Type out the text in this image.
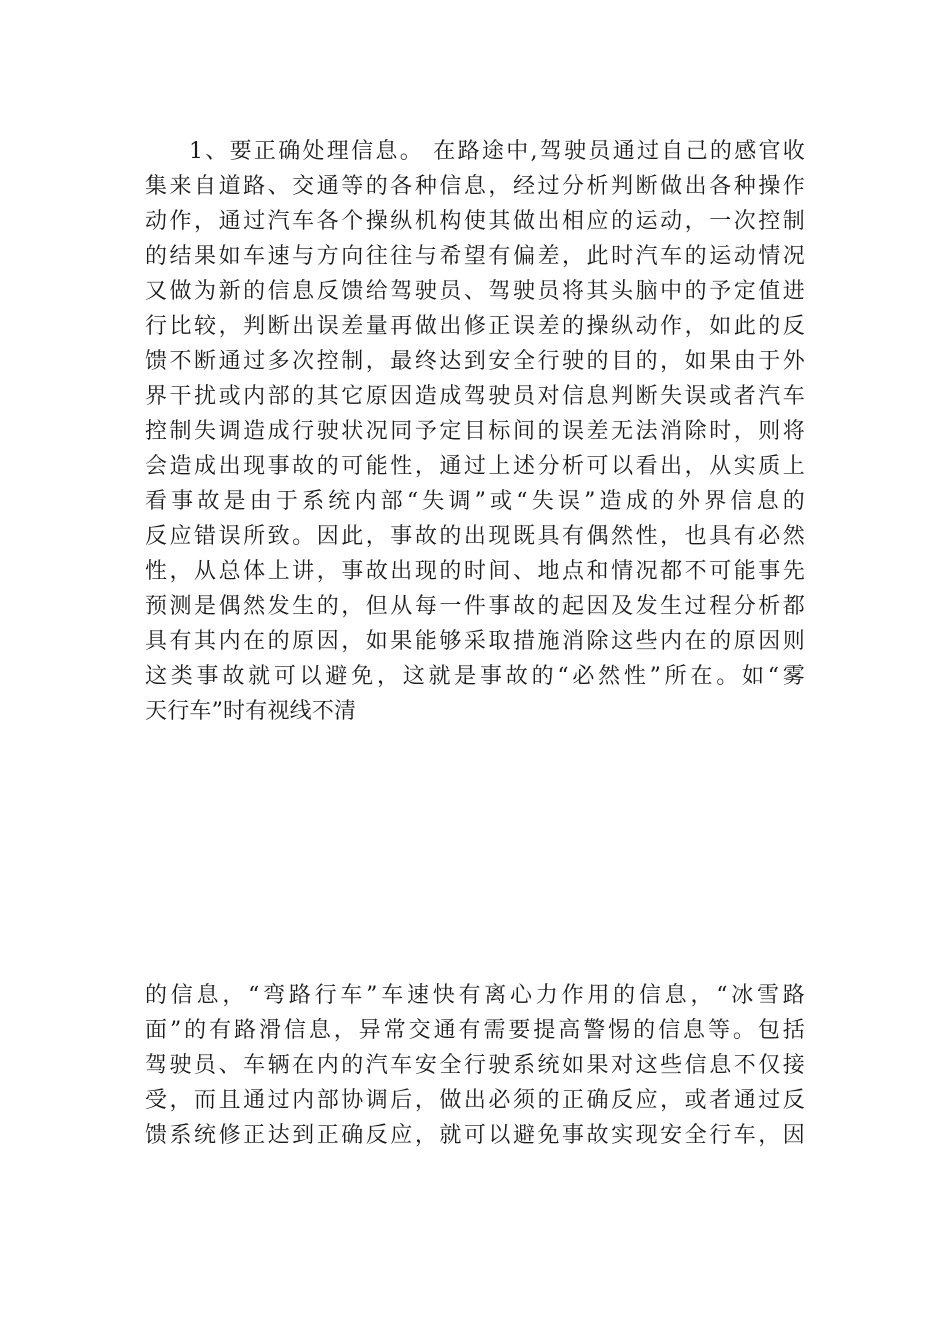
1、要正确处理信息。 在路途中,驾驶员通过自己的感官收
集来自道路、交通等的各种信息，经过分析判断做出各种操作
动作，通过汽车各个操纵机构使其做出相应的运动，一次控制
的结果如车速与方向往往与希望有偏差，此时汽车的运动情况
又做为新的信息反馈给驾驶员、驾驶员将其头脑中的予定值进
行比较，判断出误差量再做出修正误差的操纵动作，如此的反
馈不断通过多次控制，最终达到安全行驶的目的，如果由于外
界干扰或内部的其它原因造成驾驶员对信息判断失误或者汽车
控制失调造成行驶状况同予定目标间的误差无法消除时，则将
会造成出现事故的可能性，通过上述分析可以看出，从实质上
看事故是由于系统内部“失调”或“失误”造成的外界信息的
反应错误所致。因此，事故的出现既具有偶然性，也具有必然
性，从总体上讲，事故出现的时间、地点和情况都不可能事先
预测是偶然发生的，但从每一件事故的起因及发生过程分析都
具有其内在的原因，如果能够采取措施消除这些内在的原因则
这类事故就可以避免，这就是事故的“必然性”所在。如“雾
天行车”时有视线不清
的信息，“弯路行车”车速快有离心力作用的信息，“冰雪路
面”的有路滑信息，异常交通有需要提高警惕的信息等。包括
驾驶员、车辆在内的汽车安全行驶系统如果对这些信息不仅接
受，而且通过内部协调后，做出必须的正确反应，或者通过反
馈系统修正达到正确反应，就可以避免事故实现安全行车，因
